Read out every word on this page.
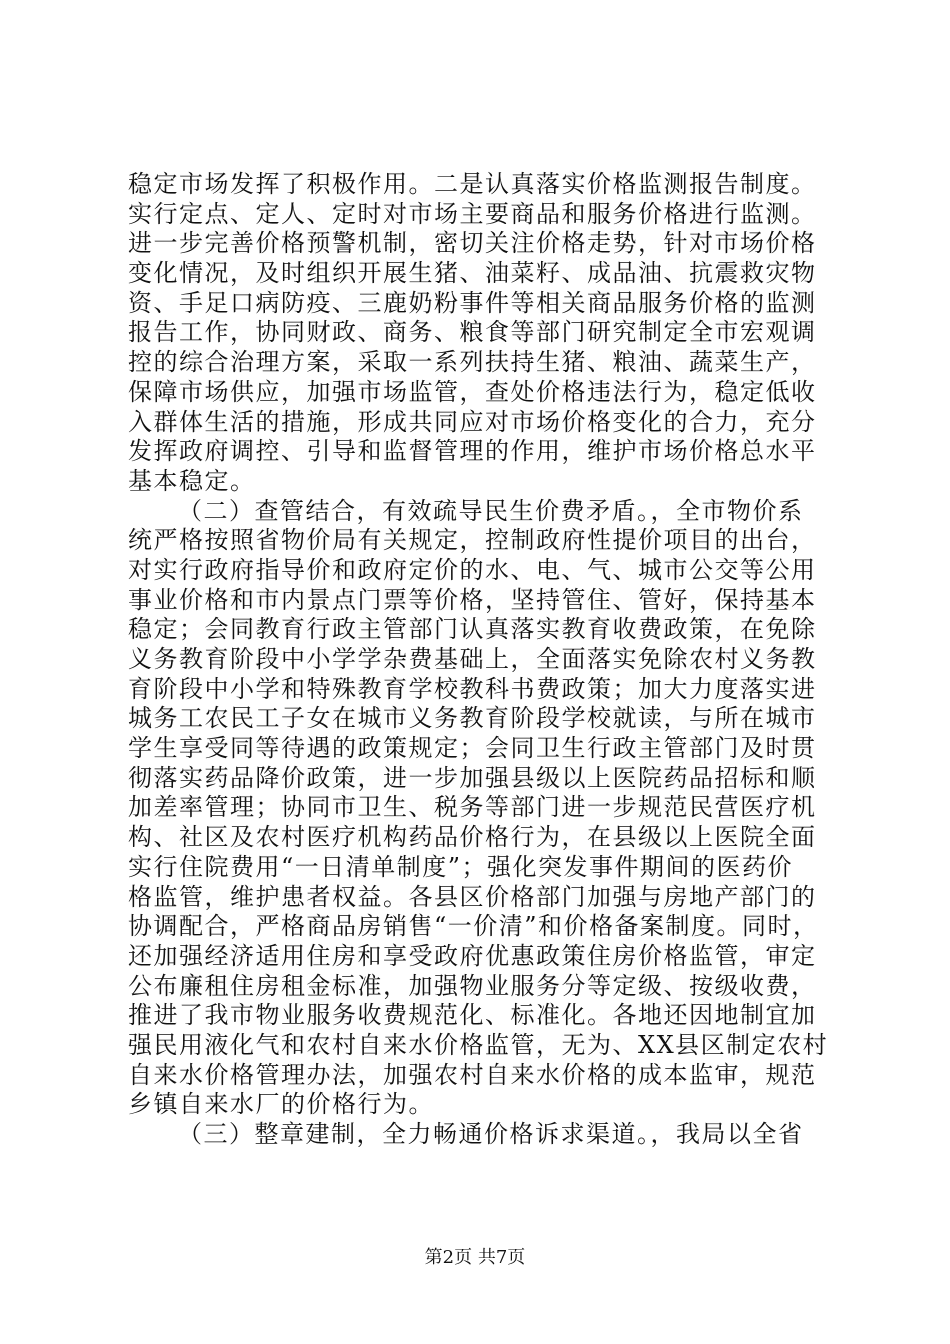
稳定市场发挥了积极作用。二是认真落实价格监测报告制度。
实行定点、定人、定时对市场主要商品和服务价格进行监测。
进一步完善价格预警机制，密切关注价格走势，针对市场价格
变化情况，及时组织开展生猪、油菜籽、成品油、抗震救灾物
资、手足口病防疫、三鹿奶粉事件等相关商品服务价格的监测
报告工作，协同财政、商务、粮食等部门研究制定全市宏观调
控的综合治理方案，采取一系列扶持生猪、粮油、蔬菜生产，
保障市场供应，加强市场监管，查处价格违法行为，稳定低收
入群体生活的措施，形成共同应对市场价格变化的合力，充分
发挥政府调控、引导和监督管理的作用，维护市场价格总水平
基本稳定。
（二）查管结合，有效疏导民生价费矛盾。，全市物价系
统严格按照省物价局有关规定，控制政府性提价项目的出台，
对实行政府指导价和政府定价的水、电、气、城市公交等公用
事业价格和市内景点门票等价格，坚持管住、管好，保持基本
稳定；会同教育行政主管部门认真落实教育收费政策，在免除
义务教育阶段中小学学杂费基础上，全面落实免除农村义务教
育阶段中小学和特殊教育学校教科书费政策；加大力度落实进
城务工农民工子女在城市义务教育阶段学校就读，与所在城市
学生享受同等待遇的政策规定；会同卫生行政主管部门及时贯
彻落实药品降价政策，进一步加强县级以上医院药品招标和顺
加差率管理；协同市卫生、税务等部门进一步规范民营医疗机
构、社区及农村医疗机构药品价格行为，在县级以上医院全面
实行住院费用“一日清单制度”；强化突发事件期间的医药价
格监管，维护患者权益。各县区价格部门加强与房地产部门的
协调配合，严格商品房销售“一价清”和价格备案制度。同时，
还加强经济适用住房和享受政府优惠政策住房价格监管，审定
公布廉租住房租金标准，加强物业服务分等定级、按级收费，
推进了我市物业服务收费规范化、标准化。各地还因地制宜加
强民用液化气和农村自来水价格监管，无为、XX县区制定农村
自来水价格管理办法，加强农村自来水价格的成本监审，规范
乡镇自来水厂的价格行为。
（三）整章建制，全力畅通价格诉求渠道。，我局以全省
第2页 共7页
